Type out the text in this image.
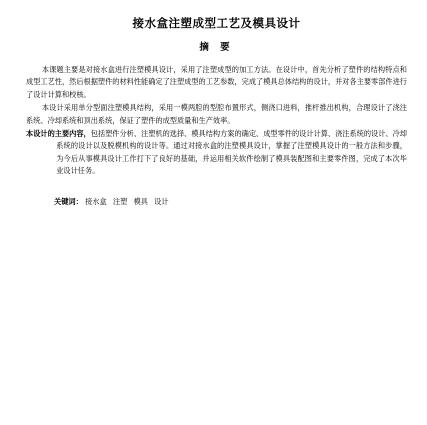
接水盒注塑成型工艺及模具设计
摘 要

本课题主要是对接水盒进行注塑模具设计，采用了注塑成型的加工方法。在设计中，首先分析了塑件的结构特点和成型工艺性，然后根据塑件的材料性能确定了注塑成型的工艺参数，完成了模具总体结构的设计，并对各主要零部件进行了设计计算和校核。

本设计采用单分型面注塑模具结构，采用一模两腔的型腔布置形式，侧浇口进料，推杆推出机构，合理设计了浇注系统、冷却系统和顶出系统，保证了塑件的成型质量和生产效率。

本设计的主要内容，包括塑件分析、注塑机的选择、模具结构方案的确定、成型零件的设计计算、浇注系统的设计、冷却系统的设计以及脱模机构的设计等。通过对接水盒的注塑模具设计，掌握了注塑模具设计的一般方法和步骤，为今后从事模具设计工作打下了良好的基础，并运用相关软件绘制了模具装配图和主要零件图，完成了本次毕业设计任务。

关键词： 接水盒 注塑 模具 设计
